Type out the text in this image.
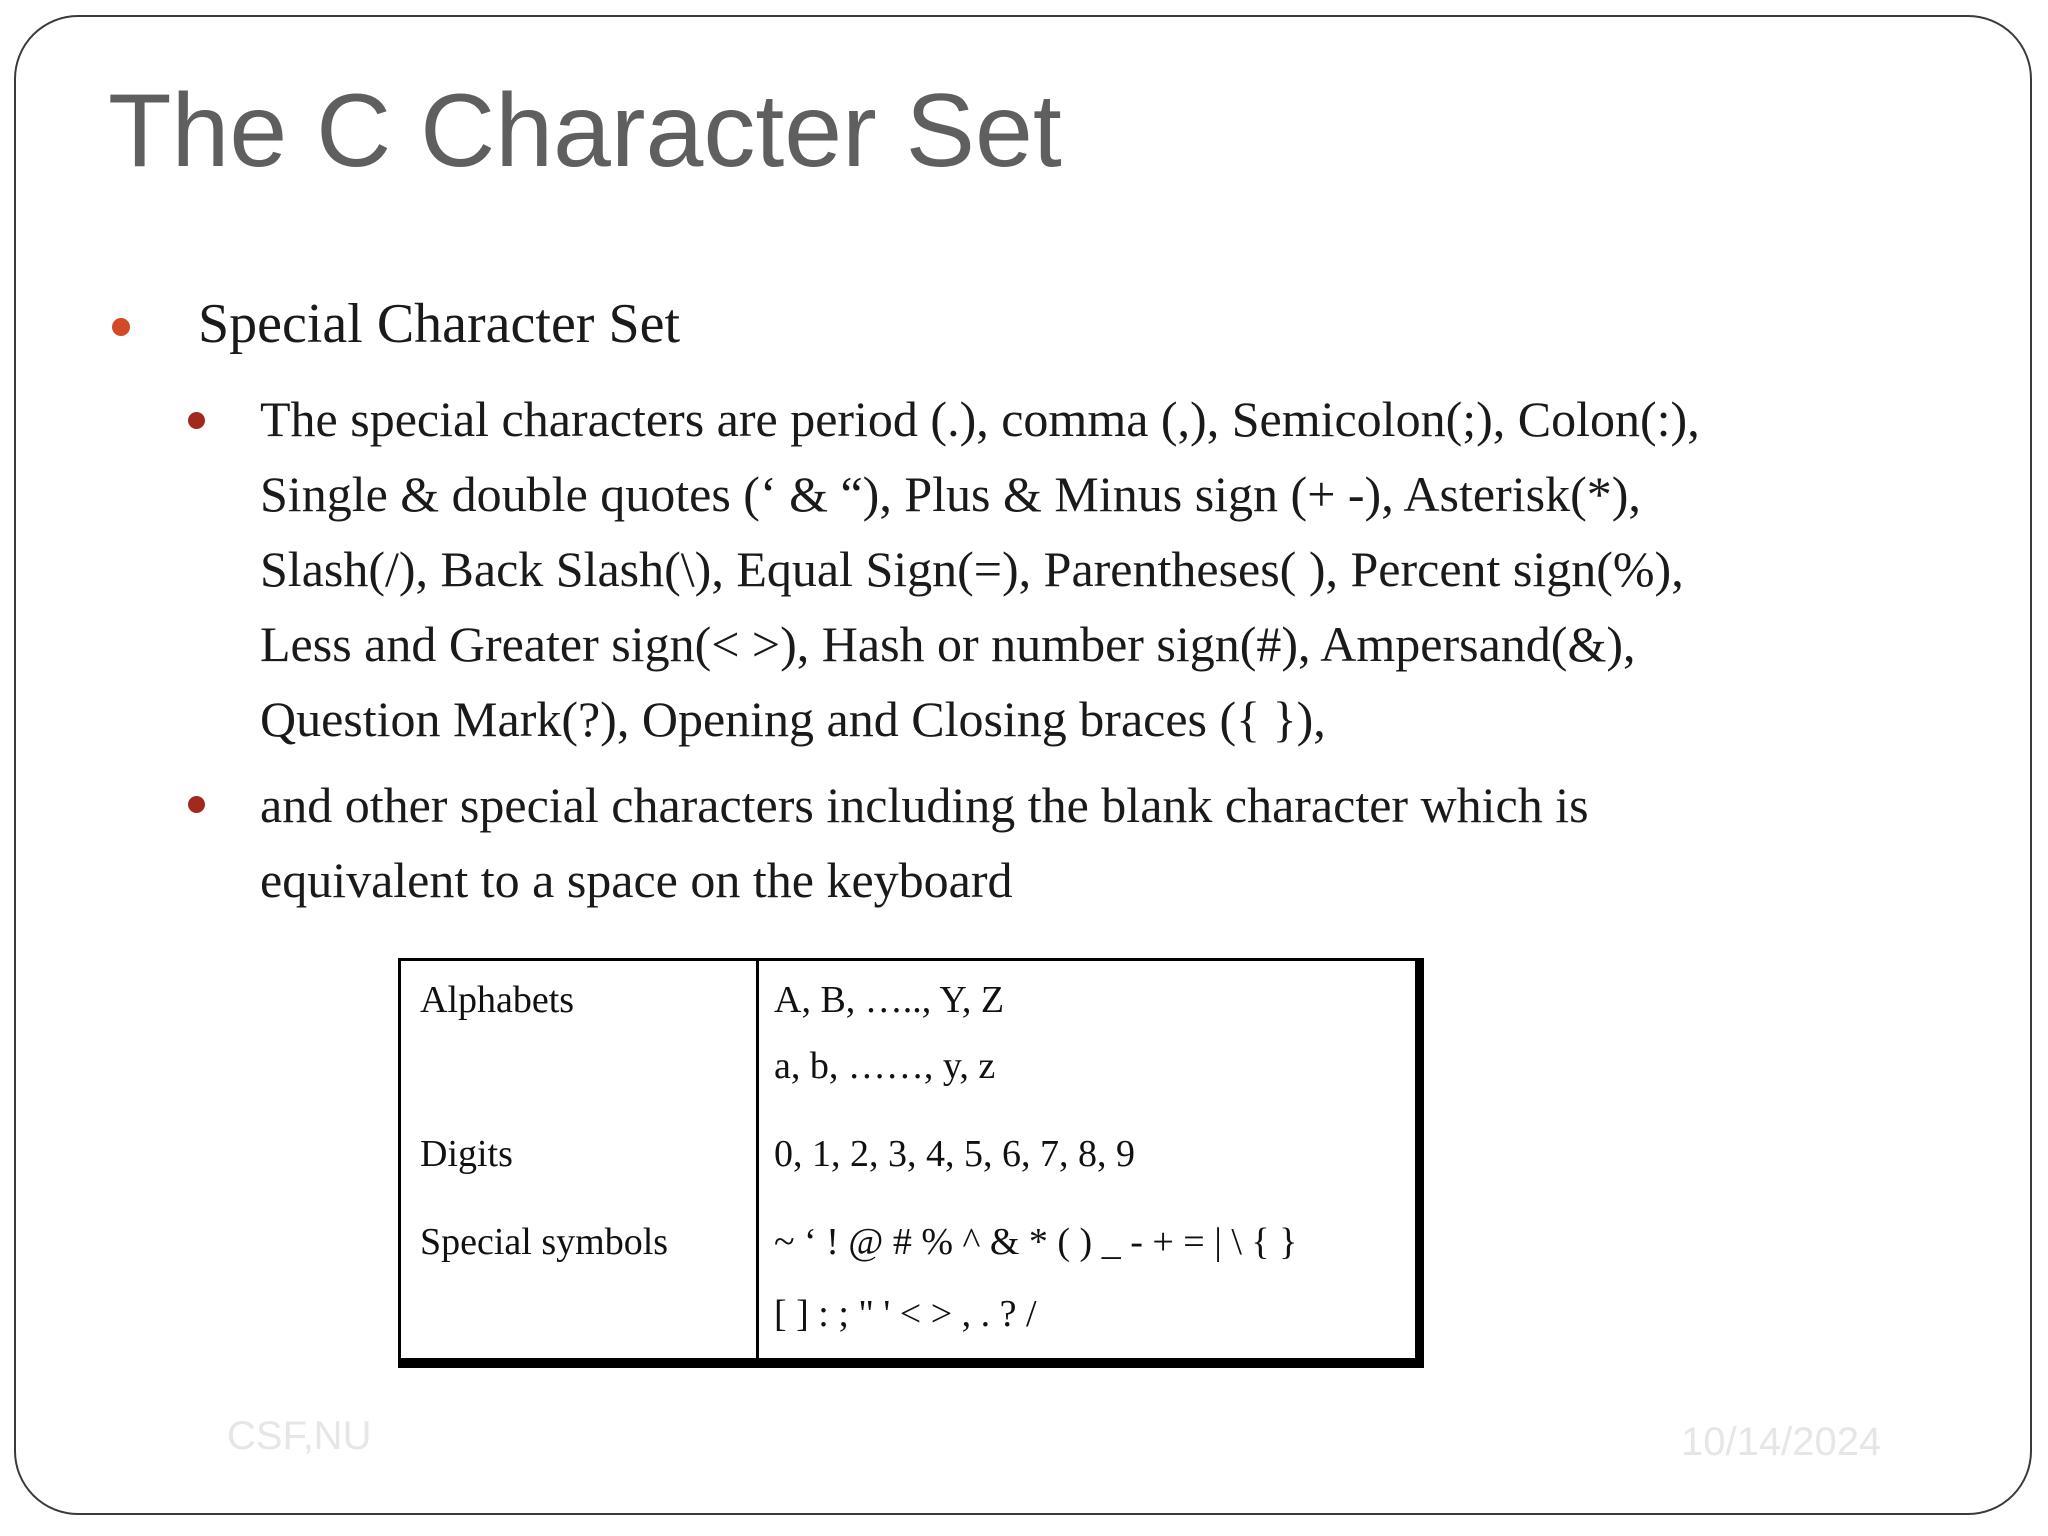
The C Character Set
Special Character Set
The special characters are period (.), comma (,), Semicolon(;), Colon(:),
Single & double quotes (‘ & “), Plus & Minus sign (+ -), Asterisk(*),
Slash(/), Back Slash(\), Equal Sign(=), Parentheses( ), Percent sign(%),
Less and Greater sign(< >), Hash or number sign(#), Ampersand(&),
Question Mark(?), Opening and Closing braces ({ }),
and other special characters including the blank character which is
equivalent to a space on the keyboard

Alphabets	A, B, ….., Y, Z
a, b, ……, y, z
Digits	0, 1, 2, 3, 4, 5, 6, 7, 8, 9
Special symbols	~ ‘ ! @ # % ^ & * ( ) _ - + = | \ { }
[ ] : ; " ' < > , . ? /
CSF,NU	10/14/2024
